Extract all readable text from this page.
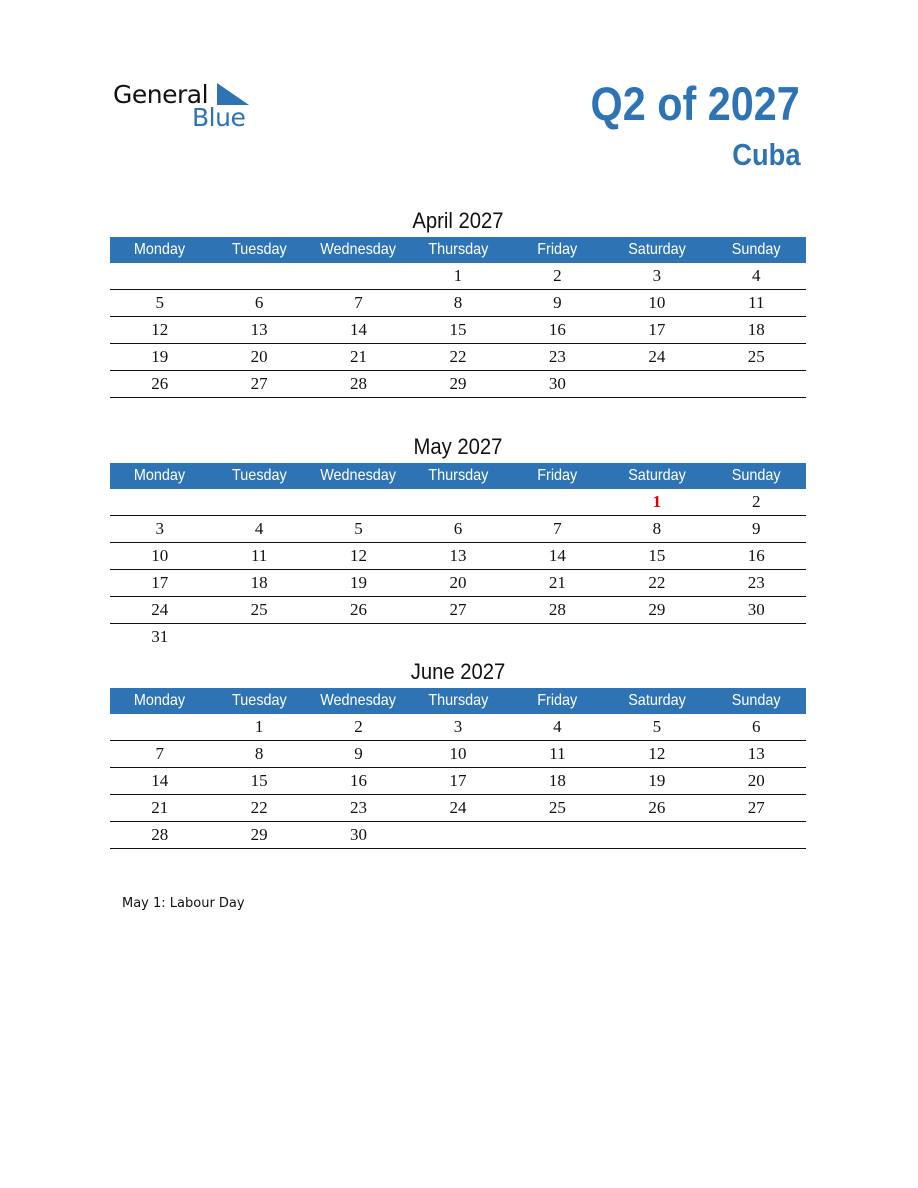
General
Blue	Q2 of 2027
Cuba
April 2027
Monday	Tuesday	Wednesday	Thursday	Friday	Saturday	Sunday
			1	2	3	4
5	6	7	8	9	10	11
12	13	14	15	16	17	18
19	20	21	22	23	24	25
26	27	28	29	30		
May 2027
Monday	Tuesday	Wednesday	Thursday	Friday	Saturday	Sunday
					1	2
3	4	5	6	7	8	9
10	11	12	13	14	15	16
17	18	19	20	21	22	23
24	25	26	27	28	29	30
31						
June 2027
Monday	Tuesday	Wednesday	Thursday	Friday	Saturday	Sunday
	1	2	3	4	5	6
7	8	9	10	11	12	13
14	15	16	17	18	19	20
21	22	23	24	25	26	27
28	29	30				
May 1: Labour Day
